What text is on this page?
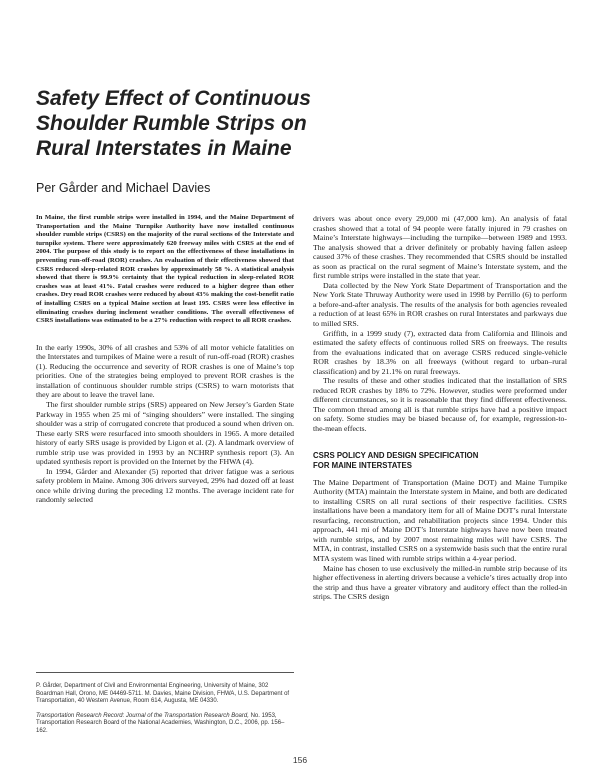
Safety Effect of Continuous
Shoulder Rumble Strips on
Rural Interstates in Maine

Per Gårder and Michael Davies

In Maine, the first rumble strips were installed in 1994, and the Maine Department of Transportation and the Maine Turnpike Authority have now installed continuous shoulder rumble strips (CSRS) on the majority of the rural sections of the Interstate and turnpike system. There were approximately 620 freeway miles with CSRS at the end of 2004. The purpose of this study is to report on the effectiveness of these installations in preventing run-off-road (ROR) crashes. An evaluation of their effectiveness showed that CSRS reduced sleep-related ROR crashes by approximately 58 %. A statistical analysis showed that there is 99.9% certainty that the typical reduction in sleep-related ROR crashes was at least 41%. Fatal crashes were reduced to a higher degree than other crashes. Dry road ROR crashes were reduced by about 43% making the cost-benefit ratio of installing CSRS on a typical Maine section at least 195. CSRS were less effective in eliminating crashes during inclement weather conditions. The overall effectiveness of CSRS installations was estimated to be a 27% reduction with respect to all ROR crashes.

In the early 1990s, 30% of all crashes and 53% of all motor vehicle fatalities on the Interstates and turnpikes of Maine were a result of run-off-road (ROR) crashes (1). Reducing the occurrence and severity of ROR crashes is one of Maine’s top priorities. One of the strategies being employed to prevent ROR crashes is the installation of continuous shoulder rumble strips (CSRS) to warn motorists that they are about to leave the travel lane.

The first shoulder rumble strips (SRS) appeared on New Jersey’s Garden State Parkway in 1955 when 25 mi of “singing shoulders” were installed. The singing shoulder was a strip of corrugated concrete that produced a sound when driven on. These early SRS were resurfaced into smooth shoulders in 1965. A more detailed history of early SRS usage is provided by Ligon et al. (2). A landmark overview of rumble strip use was provided in 1993 by an NCHRP synthesis report (3). An updated synthesis report is provided on the Internet by the FHWA (4).

In 1994, Gårder and Alexander (5) reported that driver fatigue was a serious safety problem in Maine. Among 306 drivers surveyed, 29% had dozed off at least once while driving during the preceding 12 months. The average incident rate for randomly selected

drivers was about once every 29,000 mi (47,000 km). An analysis of fatal crashes showed that a total of 94 people were fatally injured in 79 crashes on Maine’s Interstate highways—including the turnpike—between 1989 and 1993. The analysis showed that a driver definitely or probably having fallen asleep caused 37% of these crashes. They recommended that CSRS should be installed as soon as practical on the rural segment of Maine’s Interstate system, and the first rumble strips were installed in the state that year.

Data collected by the New York State Department of Transportation and the New York State Thruway Authority were used in 1998 by Perrillo (6) to perform a before-and-after analysis. The results of the analysis for both agencies revealed a reduction of at least 65% in ROR crashes on rural Interstates and parkways due to milled SRS.

Griffith, in a 1999 study (7), extracted data from California and Illinois and estimated the safety effects of continuous rolled SRS on freeways. The results from the evaluations indicated that on average CSRS reduced single-vehicle ROR crashes by 18.3% on all freeways (without regard to urban–rural classification) and by 21.1% on rural freeways.

The results of these and other studies indicated that the installation of SRS reduced ROR crashes by 18% to 72%. However, studies were preformed under different circumstances, so it is reasonable that they find different effectiveness. The common thread among all is that rumble strips have had a positive impact on safety. Some studies may be biased because of, for example, regression-to-the-mean effects.

CSRS POLICY AND DESIGN SPECIFICATION
FOR MAINE INTERSTATES

The Maine Department of Transportation (Maine DOT) and Maine Turnpike Authority (MTA) maintain the Interstate system in Maine, and both are dedicated to installing CSRS on all rural sections of their respective facilities. CSRS installations have been a mandatory item for all of Maine DOT’s rural Interstate resurfacing, reconstruction, and rehabilitation projects since 1994. Under this approach, 441 mi of Maine DOT’s Interstate highways have now been treated with rumble strips, and by 2007 most remaining miles will have CSRS. The MTA, in contrast, installed CSRS on a systemwide basis such that the entire rural MTA system was lined with rumble strips within a 4-year period.

Maine has chosen to use exclusively the milled-in rumble strip because of its higher effectiveness in alerting drivers because a vehicle’s tires actually drop into the strip and thus have a greater vibratory and auditory effect than the rolled-in strips. The CSRS design

P. Gårder, Department of Civil and Environmental Engineering, University of Maine, 302 Boardman Hall, Orono, ME 04469-5711. M. Davies, Maine Division, FHWA, U.S. Department of Transportation, 40 Western Avenue, Room 614, Augusta, ME 04330.

Transportation Research Record: Journal of the Transportation Research Board, No. 1953, Transportation Research Board of the National Academies, Washington, D.C., 2006, pp. 156–162.

156
